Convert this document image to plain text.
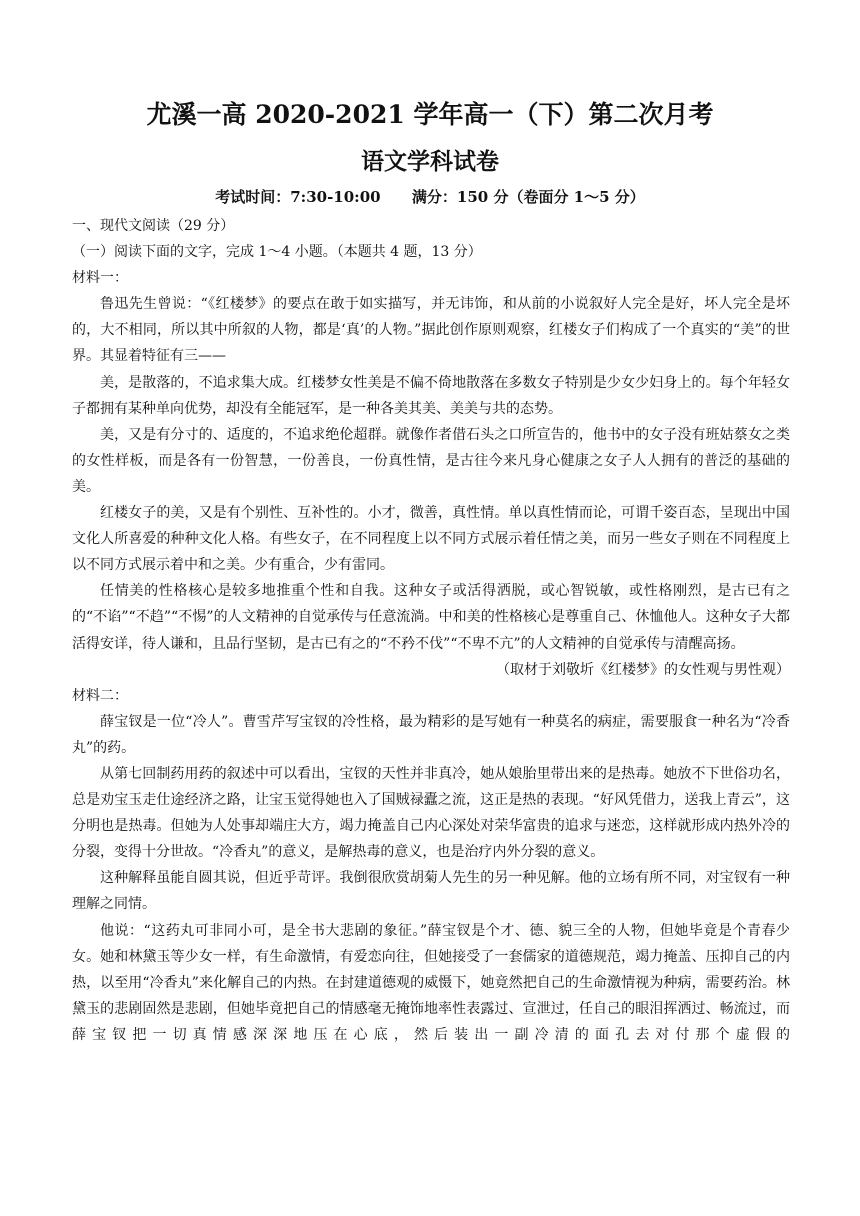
尤溪一高 2020-2021 学年高一（下）第二次月考
语文学科试卷
考试时间：7:30-10:00      满分：150 分（卷面分 1～5 分）

一、现代文阅读（29 分）

（一）阅读下面的文字，完成 1～4 小题。（本题共 4 题，13 分）

材料一：

鲁迅先生曾说：“《红楼梦》的要点在敢于如实描写，并无讳饰，和从前的小说叙好人完全是好，坏人完全是坏的，大不相同，所以其中所叙的人物，都是‘真’的人物。”据此创作原则观察，红楼女子们构成了一个真实的“美”的世界。其显着特征有三——

美，是散落的，不追求集大成。红楼梦女性美是不偏不倚地散落在多数女子特别是少女少妇身上的。每个年轻女子都拥有某种单向优势，却没有全能冠军，是一种各美其美、美美与共的态势。

美，又是有分寸的、适度的，不追求绝伦超群。就像作者借石头之口所宣告的，他书中的女子没有班姑蔡女之类的女性样板，而是各有一份智慧，一份善良，一份真性情，是古往今来凡身心健康之女子人人拥有的普泛的基础的美。

红楼女子的美，又是有个别性、互补性的。小才，微善，真性情。单以真性情而论，可谓千姿百态，呈现出中国文化人所喜爱的种种文化人格。有些女子，在不同程度上以不同方式展示着任情之美，而另一些女子则在不同程度上以不同方式展示着中和之美。少有重合，少有雷同。

任情美的性格核心是较多地推重个性和自我。这种女子或活得洒脱，或心智锐敏，或性格刚烈，是古已有之的“不谄”“不趋”“不惕”的人文精神的自觉承传与任意流淌。中和美的性格核心是尊重自己、休恤他人。这种女子大都活得安详，待人谦和，且品行坚韧，是古已有之的“不矜不伐”“不卑不亢”的人文精神的自觉承传与清醒高扬。

（取材于刘敬圻《红楼梦》的女性观与男性观）

材料二：

薛宝钗是一位“冷人”。曹雪芹写宝钗的冷性格，最为精彩的是写她有一种莫名的病症，需要服食一种名为“冷香丸”的药。

从第七回制药用药的叙述中可以看出，宝钗的天性并非真冷，她从娘胎里带出来的是热毒。她放不下世俗功名，总是劝宝玉走仕途经济之路，让宝玉觉得她也入了国贼禄蠹之流，这正是热的表现。“好风凭借力，送我上青云”，这分明也是热毒。但她为人处事却端庄大方，竭力掩盖自己内心深处对荣华富贵的追求与迷恋，这样就形成内热外冷的分裂，变得十分世故。“冷香丸”的意义，是解热毒的意义，也是治疗内外分裂的意义。

这种解释虽能自圆其说，但近乎苛评。我倒很欣赏胡菊人先生的另一种见解。他的立场有所不同，对宝钗有一种理解之同情。

他说：“这药丸可非同小可，是全书大悲剧的象征。”薛宝钗是个才、德、貌三全的人物，但她毕竟是个青春少女。她和林黛玉等少女一样，有生命激情，有爱恋向往，但她接受了一套儒家的道德规范，竭力掩盖、压抑自己的内热，以至用“冷香丸”来化解自己的内热。在封建道德观的威慑下，她竟然把自己的生命激情视为种病，需要药治。林黛玉的悲剧固然是悲剧，但她毕竟把自己的情感毫无掩饰地率性表露过、宣泄过，任自己的眼泪挥洒过、畅流过，而薛宝钗把一切真情感深深地压在心底，然后装出一副冷清的面孔去对付那个虚假的
